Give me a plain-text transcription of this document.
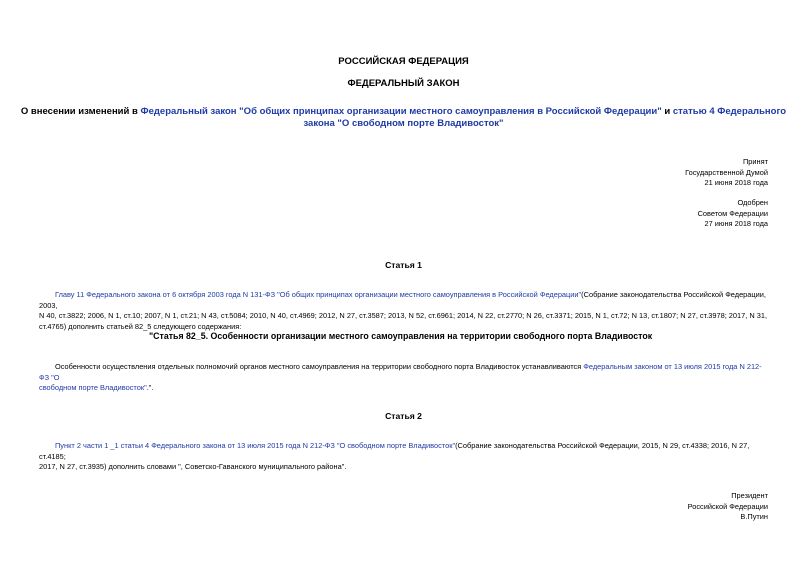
РОССИЙСКАЯ ФЕДЕРАЦИЯ
ФЕДЕРАЛЬНЫЙ ЗАКОН
О внесении изменений в Федеральный закон "Об общих принципах организации местного самоуправления в Российской Федерации" и статью 4 Федерального
закона "О свободном порте Владивосток"
Принят
Государственной Думой
21 июня 2018 года
Одобрен
Советом Федерации
27 июня 2018 года
Статья 1
Главу 11 Федерального закона от 6 октября 2003 года N 131-ФЗ "Об общих принципах организации местного самоуправления в Российской Федерации"(Собрание законодательства Российской Федерации, 2003,
N 40, ст.3822; 2006, N 1, ст.10; 2007, N 1, ст.21; N 43, ст.5084; 2010, N 40, ст.4969; 2012, N 27, ст.3587; 2013, N 52, ст.6961; 2014, N 22, ст.2770; N 26, ст.3371; 2015, N 1, ст.72; N 13, ст.1807; N 27, ст.3978; 2017, N 31,
ст.4765) дополнить статьей 82_5 следующего содержания:
"Статья 82_5. Особенности организации местного самоуправления на территории свободного порта Владивосток
Особенности осуществления отдельных полномочий органов местного самоуправления на территории свободного порта Владивосток устанавливаются Федеральным законом от 13 июля 2015 года N 212-ФЗ "О
свободном порте Владивосток".".
Статья 2
Пункт 2 части 1 _1 статьи 4 Федерального закона от 13 июля 2015 года N 212-ФЗ "О свободном порте Владивосток"(Собрание законодательства Российской Федерации, 2015, N 29, ст.4338; 2016, N 27, ст.4185;
2017, N 27, ст.3935) дополнить словами ", Советско-Гаванского муниципального района".
Президент
Российской Федерации
В.Путин
